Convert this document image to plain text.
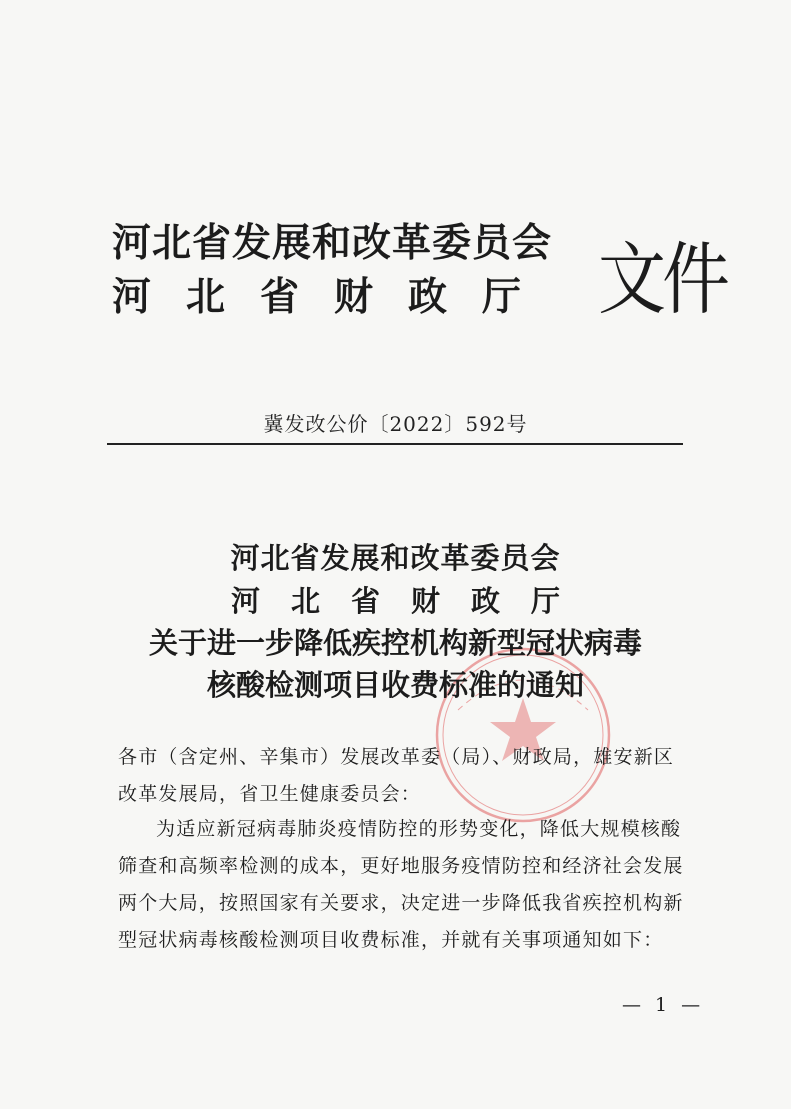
河北省发展和改革委员会
河北省财政厅 文件
冀发改公价〔2022〕592号
河北省发展和改革委员会
河北省财政厅
关于进一步降低疾控机构新型冠状病毒
核酸检测项目收费标准的通知
各市（含定州、辛集市）发展改革委（局）、财政局，雄安新区改革发展局，省卫生健康委员会：
为适应新冠病毒肺炎疫情防控的形势变化，降低大规模核酸筛查和高频率检测的成本，更好地服务疫情防控和经济社会发展两个大局，按照国家有关要求，决定进一步降低我省疾控机构新型冠状病毒核酸检测项目收费标准，并就有关事项通知如下：
— 1 —
